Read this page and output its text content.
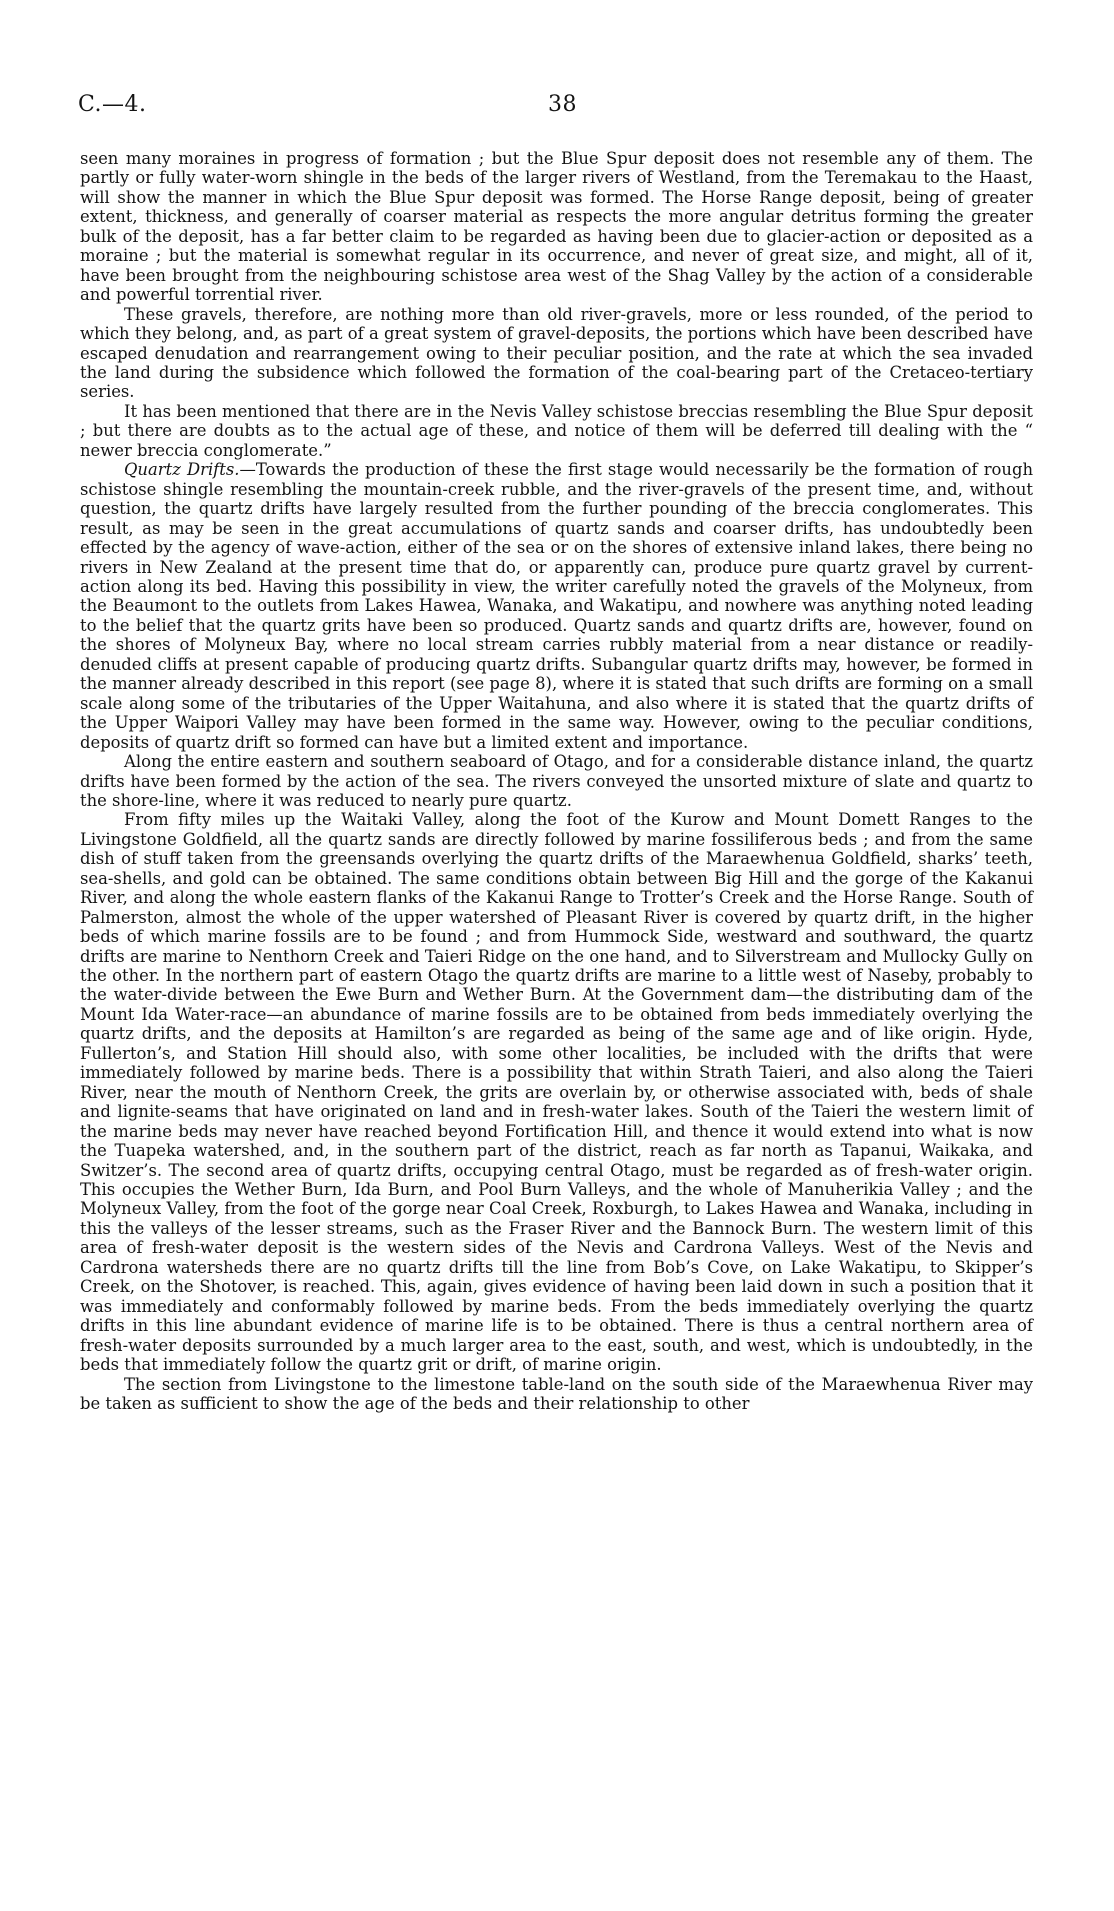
C.—4.	38

seen many moraines in progress of formation ; but the Blue Spur deposit does not resemble any of them. The partly or fully water-worn shingle in the beds of the larger rivers of Westland, from the Teremakau to the Haast, will show the manner in which the Blue Spur deposit was formed. The Horse Range deposit, being of greater extent, thickness, and generally of coarser material as respects the more angular detritus forming the greater bulk of the deposit, has a far better claim to be regarded as having been due to glacier-action or deposited as a moraine ; but the material is somewhat regular in its occurrence, and never of great size, and might, all of it, have been brought from the neighbouring schistose area west of the Shag Valley by the action of a considerable and powerful torrential river.

These gravels, therefore, are nothing more than old river-gravels, more or less rounded, of the period to which they belong, and, as part of a great system of gravel-deposits, the portions which have been described have escaped denudation and rearrangement owing to their peculiar position, and the rate at which the sea invaded the land during the subsidence which followed the formation of the coal-bearing part of the Cretaceo-tertiary series.

It has been mentioned that there are in the Nevis Valley schistose breccias resembling the Blue Spur deposit ; but there are doubts as to the actual age of these, and notice of them will be deferred till dealing with the “ newer breccia conglomerate.”

Quartz Drifts.—Towards the production of these the first stage would necessarily be the formation of rough schistose shingle resembling the mountain-creek rubble, and the river-gravels of the present time, and, without question, the quartz drifts have largely resulted from the further pounding of the breccia conglomerates. This result, as may be seen in the great accumulations of quartz sands and coarser drifts, has undoubtedly been effected by the agency of wave-action, either of the sea or on the shores of extensive inland lakes, there being no rivers in New Zealand at the present time that do, or apparently can, produce pure quartz gravel by current-action along its bed. Having this possibility in view, the writer carefully noted the gravels of the Molyneux, from the Beaumont to the outlets from Lakes Hawea, Wanaka, and Wakatipu, and nowhere was anything noted leading to the belief that the quartz grits have been so produced. Quartz sands and quartz drifts are, however, found on the shores of Molyneux Bay, where no local stream carries rubbly material from a near distance or readily-denuded cliffs at present capable of producing quartz drifts. Subangular quartz drifts may, however, be formed in the manner already described in this report (see page 8), where it is stated that such drifts are forming on a small scale along some of the tributaries of the Upper Waitahuna, and also where it is stated that the quartz drifts of the Upper Waipori Valley may have been formed in the same way. However, owing to the peculiar conditions, deposits of quartz drift so formed can have but a limited extent and importance.

Along the entire eastern and southern seaboard of Otago, and for a considerable distance inland, the quartz drifts have been formed by the action of the sea. The rivers conveyed the unsorted mixture of slate and quartz to the shore-line, where it was reduced to nearly pure quartz.

From fifty miles up the Waitaki Valley, along the foot of the Kurow and Mount Domett Ranges to the Livingstone Goldfield, all the quartz sands are directly followed by marine fossiliferous beds ; and from the same dish of stuff taken from the greensands overlying the quartz drifts of the Maraewhenua Goldfield, sharks’ teeth, sea-shells, and gold can be obtained. The same conditions obtain between Big Hill and the gorge of the Kakanui River, and along the whole eastern flanks of the Kakanui Range to Trotter’s Creek and the Horse Range. South of Palmerston, almost the whole of the upper watershed of Pleasant River is covered by quartz drift, in the higher beds of which marine fossils are to be found ; and from Hummock Side, westward and southward, the quartz drifts are marine to Nenthorn Creek and Taieri Ridge on the one hand, and to Silverstream and Mullocky Gully on the other. In the northern part of eastern Otago the quartz drifts are marine to a little west of Naseby, probably to the water-divide between the Ewe Burn and Wether Burn. At the Government dam—the distributing dam of the Mount Ida Water-race—an abundance of marine fossils are to be obtained from beds immediately overlying the quartz drifts, and the deposits at Hamilton’s are regarded as being of the same age and of like origin. Hyde, Fullerton’s, and Station Hill should also, with some other localities, be included with the drifts that were immediately followed by marine beds. There is a possibility that within Strath Taieri, and also along the Taieri River, near the mouth of Nenthorn Creek, the grits are overlain by, or otherwise associated with, beds of shale and lignite-seams that have originated on land and in fresh-water lakes. South of the Taieri the western limit of the marine beds may never have reached beyond Fortification Hill, and thence it would extend into what is now the Tuapeka watershed, and, in the southern part of the district, reach as far north as Tapanui, Waikaka, and Switzer’s. The second area of quartz drifts, occupying central Otago, must be regarded as of fresh-water origin. This occupies the Wether Burn, Ida Burn, and Pool Burn Valleys, and the whole of Manuherikia Valley ; and the Molyneux Valley, from the foot of the gorge near Coal Creek, Roxburgh, to Lakes Hawea and Wanaka, including in this the valleys of the lesser streams, such as the Fraser River and the Bannock Burn. The western limit of this area of fresh-water deposit is the western sides of the Nevis and Cardrona Valleys. West of the Nevis and Cardrona watersheds there are no quartz drifts till the line from Bob’s Cove, on Lake Wakatipu, to Skipper’s Creek, on the Shotover, is reached. This, again, gives evidence of having been laid down in such a position that it was immediately and conformably followed by marine beds. From the beds immediately overlying the quartz drifts in this line abundant evidence of marine life is to be obtained. There is thus a central northern area of fresh-water deposits surrounded by a much larger area to the east, south, and west, which is undoubtedly, in the beds that immediately follow the quartz grit or drift, of marine origin.

The section from Livingstone to the limestone table-land on the south side of the Maraewhenua River may be taken as sufficient to show the age of the beds and their relationship to other
